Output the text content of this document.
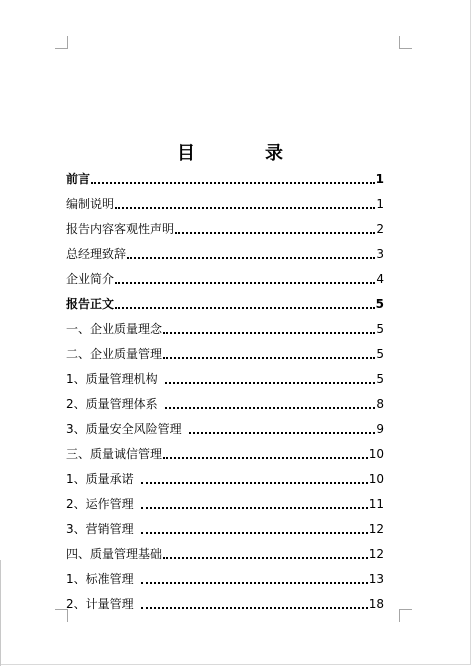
目　录
前言	1
编制说明	1
报告内容客观性声明	2
总经理致辞	3
企业简介	4
报告正文	5
一、企业质量理念	5
二、企业质量管理	5
1、质量管理机构	5
2、质量管理体系	8
3、质量安全风险管理	9
三、质量诚信管理	10
1、质量承诺	10
2、运作管理	11
3、营销管理	12
四、质量管理基础	12
1、标准管理	13
2、计量管理	18
